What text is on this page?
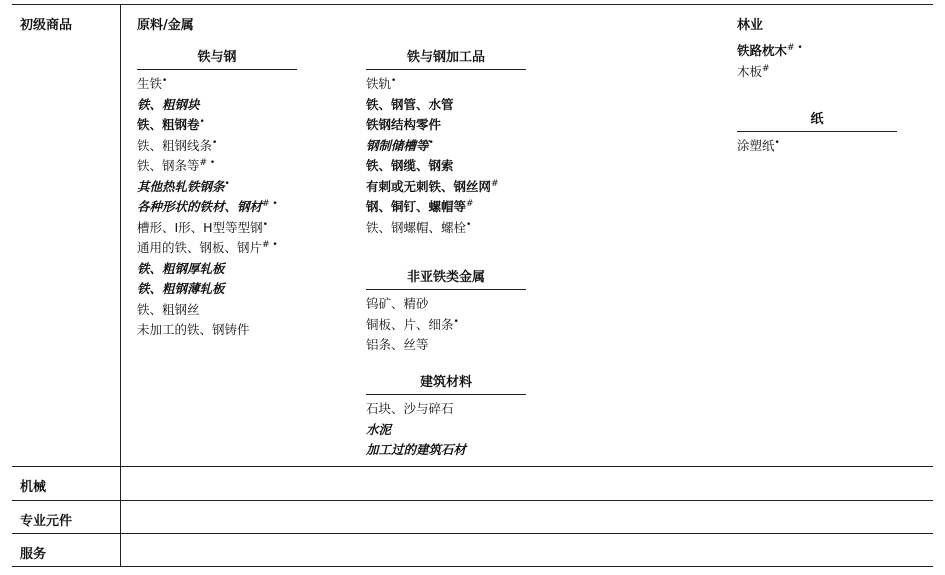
初级商品
机械
专业元件
服务
原料/金属
铁与钢
生铁•
铁、粗钢块
铁、粗钢卷•
铁、粗钢线条•
铁、钢条等# •
其他热轧铁钢条•
各种形状的铁材、钢材# •
槽形、I形、H型等型钢•
通用的铁、钢板、钢片# •
铁、粗钢厚轧板
铁、粗钢薄轧板
铁、粗钢丝
未加工的铁、钢铸件
铁与钢加工品
铁轨•
铁、钢管、水管
铁钢结构零件
钢制储槽等•
铁、钢缆、钢索
有刺或无刺铁、钢丝网#
钢、铜钉、螺帽等#
铁、钢螺帽、螺栓•
非亚铁类金属
钨矿、精砂
铜板、片、细条•
铝条、丝等
建筑材料
石块、沙与碎石
水泥
加工过的建筑石材
林业
铁路枕木# •
木板#
纸
涂塑纸•
